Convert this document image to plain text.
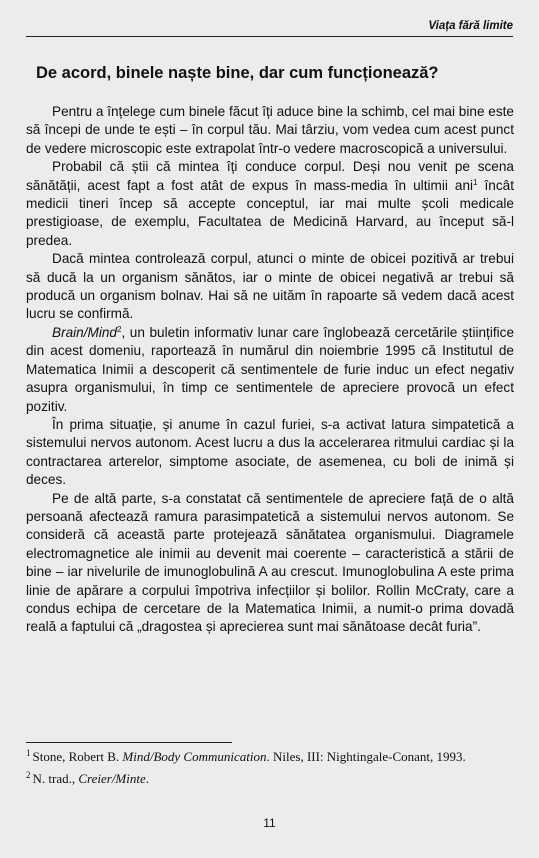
Viața fără limite
De acord, binele naște bine, dar cum funcționează?

Pentru a înțelege cum binele făcut îți aduce bine la schimb, cel mai bine este să începi de unde te ești – în corpul tău. Mai târziu, vom vedea cum acest punct de vedere microscopic este extrapolat într-o vedere macroscopică a universului.

Probabil că știi că mintea îți conduce corpul. Deși nou venit pe scena sănătății, acest fapt a fost atât de expus în mass-media în ultimii ani$^1$ încât medicii tineri încep să accepte conceptul, iar mai multe școli medicale prestigioase, de exemplu, Facultatea de Medicină Harvard, au început să-l predea.

Dacă mintea controlează corpul, atunci o minte de obicei pozitivă ar trebui să ducă la un organism sănătos, iar o minte de obicei negativă ar trebui să producă un organism bolnav. Hai să ne uităm în rapoarte să vedem dacă acest lucru se confirmă.

Brain/Mind$^2$, un buletin informativ lunar care înglobează cercetările științifice din acest domeniu, raportează în numărul din noiembrie 1995 că Institutul de Matematica Inimii a descoperit că sentimentele de furie induc un efect negativ asupra organismului, în timp ce sentimentele de apreciere provocă un efect pozitiv.

În prima situație, și anume în cazul furiei, s-a activat latura simpatetică a sistemului nervos autonom. Acest lucru a dus la accelerarea ritmului cardiac și la contractarea arterelor, simptome asociate, de asemenea, cu boli de inimă și deces.

Pe de altă parte, s-a constatat că sentimentele de apreciere față de o altă persoană afectează ramura parasimpatetică a sistemului nervos autonom. Se consideră că această parte protejează sănătatea organismului. Diagramele electromagnetice ale inimii au devenit mai coerente – caracteristică a stării de bine – iar nivelurile de imunoglobulină A au crescut. Imunoglobulina A este prima linie de apărare a corpului împotriva infecțiilor și bolilor. Rollin McCraty, care a condus echipa de cercetare de la Matematica Inimii, a numit-o prima dovadă reală a faptului că „dragostea și aprecierea sunt mai sănătoase decât furia”.

$^1$ Stone, Robert B. Mind/Body Communication. Niles, III: Nightingale-Conant, 1993.

$^2$ N. trad., Creier/Minte.

11
